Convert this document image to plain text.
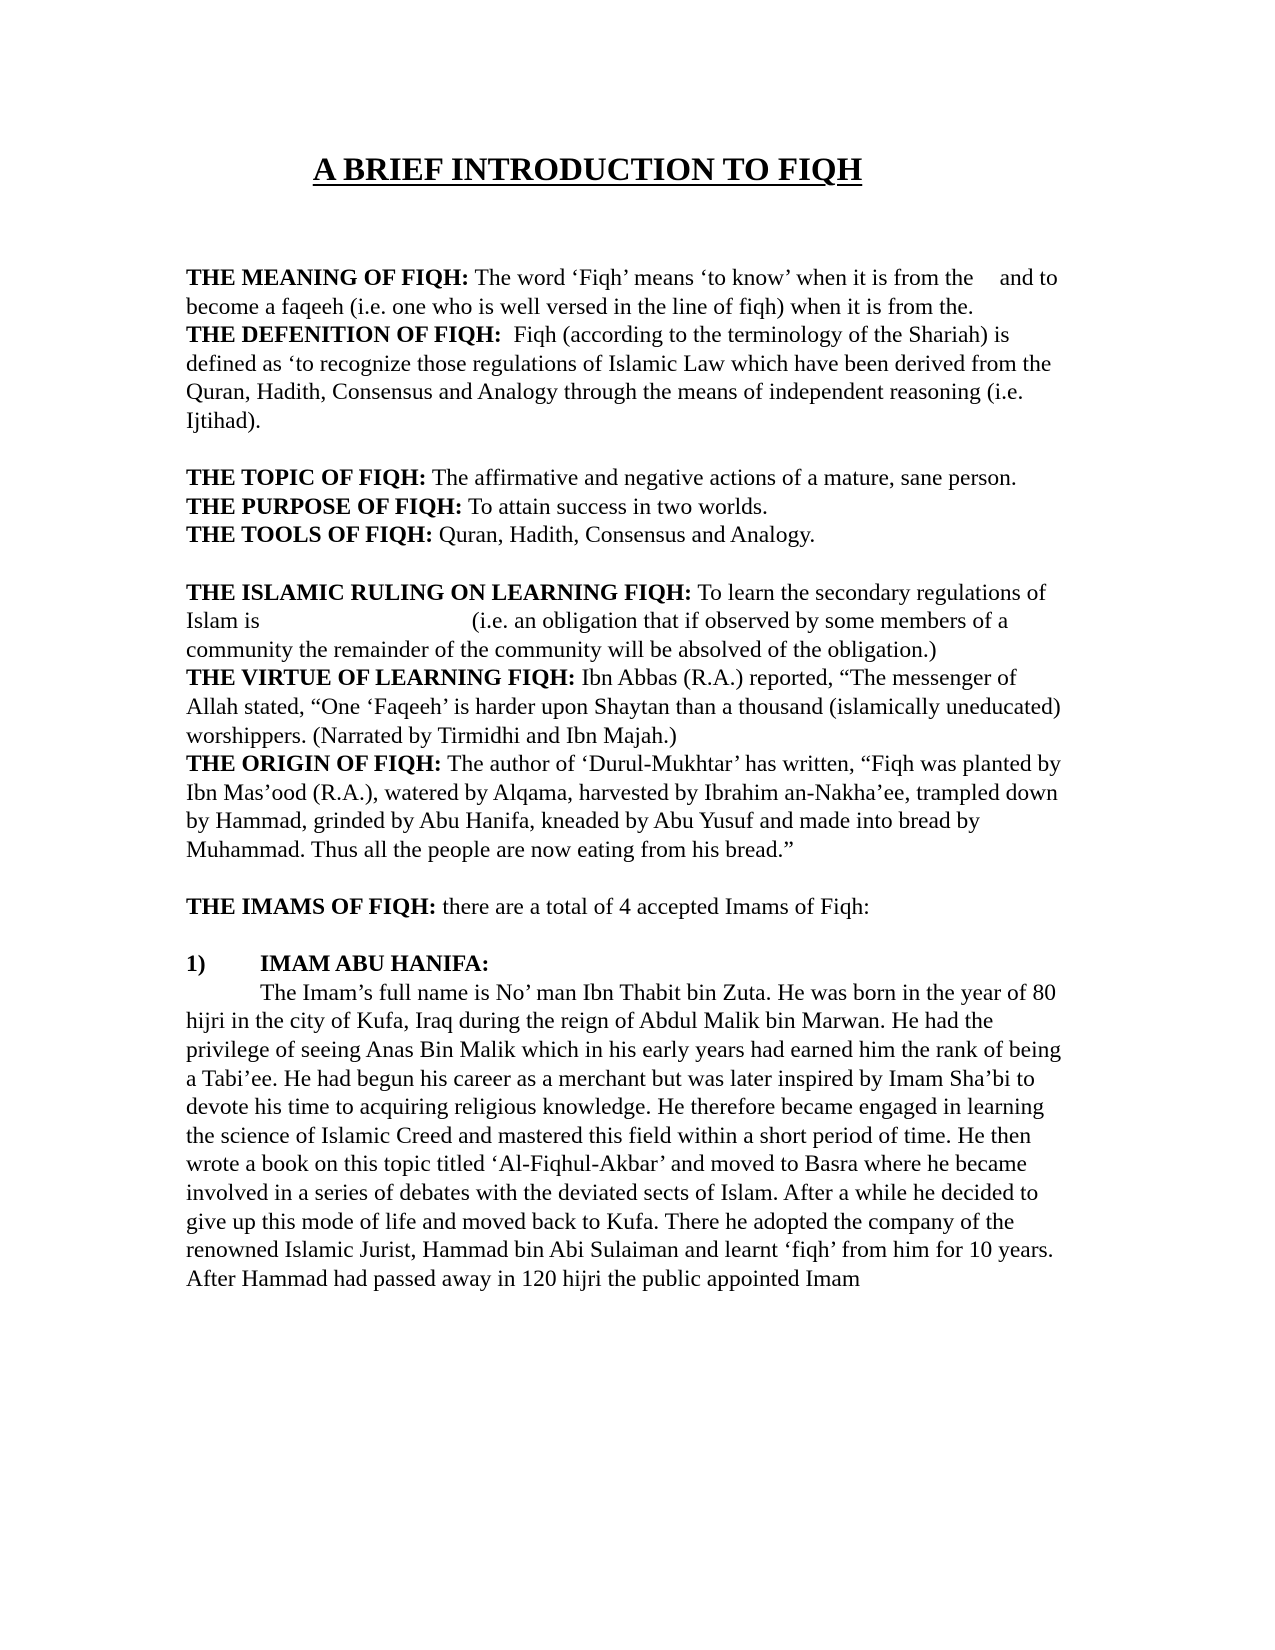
A BRIEF INTRODUCTION TO FIQH

THE MEANING OF FIQH: The word ‘Fiqh’ means ‘to know’ when it is from the and to become a faqeeh (i.e. one who is well versed in the line of fiqh) when it is from the.

THE DEFENITION OF FIQH:  Fiqh (according to the terminology of the Shariah) is defined as ‘to recognize those regulations of Islamic Law which have been derived from the Quran, Hadith, Consensus and Analogy through the means of independent reasoning (i.e. Ijtihad).

THE TOPIC OF FIQH: The affirmative and negative actions of a mature, sane person.

THE PURPOSE OF FIQH: To attain success in two worlds.

THE TOOLS OF FIQH: Quran, Hadith, Consensus and Analogy.

THE ISLAMIC RULING ON LEARNING FIQH: To learn the secondary regulations of Islam is	(i.e. an obligation that if observed by some members of a community the remainder of the community will be absolved of the obligation.)

THE VIRTUE OF LEARNING FIQH: Ibn Abbas (R.A.) reported, “The messenger of Allah stated, “One ‘Faqeeh’ is harder upon Shaytan than a thousand (islamically uneducated) worshippers. (Narrated by Tirmidhi and Ibn Majah.)

THE ORIGIN OF FIQH: The author of ‘Durul-Mukhtar’ has written, “Fiqh was planted by Ibn Mas’ood (R.A.), watered by Alqama, harvested by Ibrahim an-Nakha’ee, trampled down by Hammad, grinded by Abu Hanifa, kneaded by Abu Yusuf and made into bread by Muhammad. Thus all the people are now eating from his bread.”

THE IMAMS OF FIQH: there are a total of 4 accepted Imams of Fiqh:

1) IMAM ABU HANIFA:

The Imam’s full name is No’ man Ibn Thabit bin Zuta. He was born in the year of 80 hijri in the city of Kufa, Iraq during the reign of Abdul Malik bin Marwan. He had the privilege of seeing Anas Bin Malik which in his early years had earned him the rank of being a Tabi’ee. He had begun his career as a merchant but was later inspired by Imam Sha’bi to devote his time to acquiring religious knowledge. He therefore became engaged in learning the science of Islamic Creed and mastered this field within a short period of time. He then wrote a book on this topic titled ‘Al-Fiqhul-Akbar’ and moved to Basra where he became involved in a series of debates with the deviated sects of Islam. After a while he decided to give up this mode of life and moved back to Kufa. There he adopted the company of the renowned Islamic Jurist, Hammad bin Abi Sulaiman and learnt ‘fiqh’ from him for 10 years. After Hammad had passed away in 120 hijri the public appointed Imam
